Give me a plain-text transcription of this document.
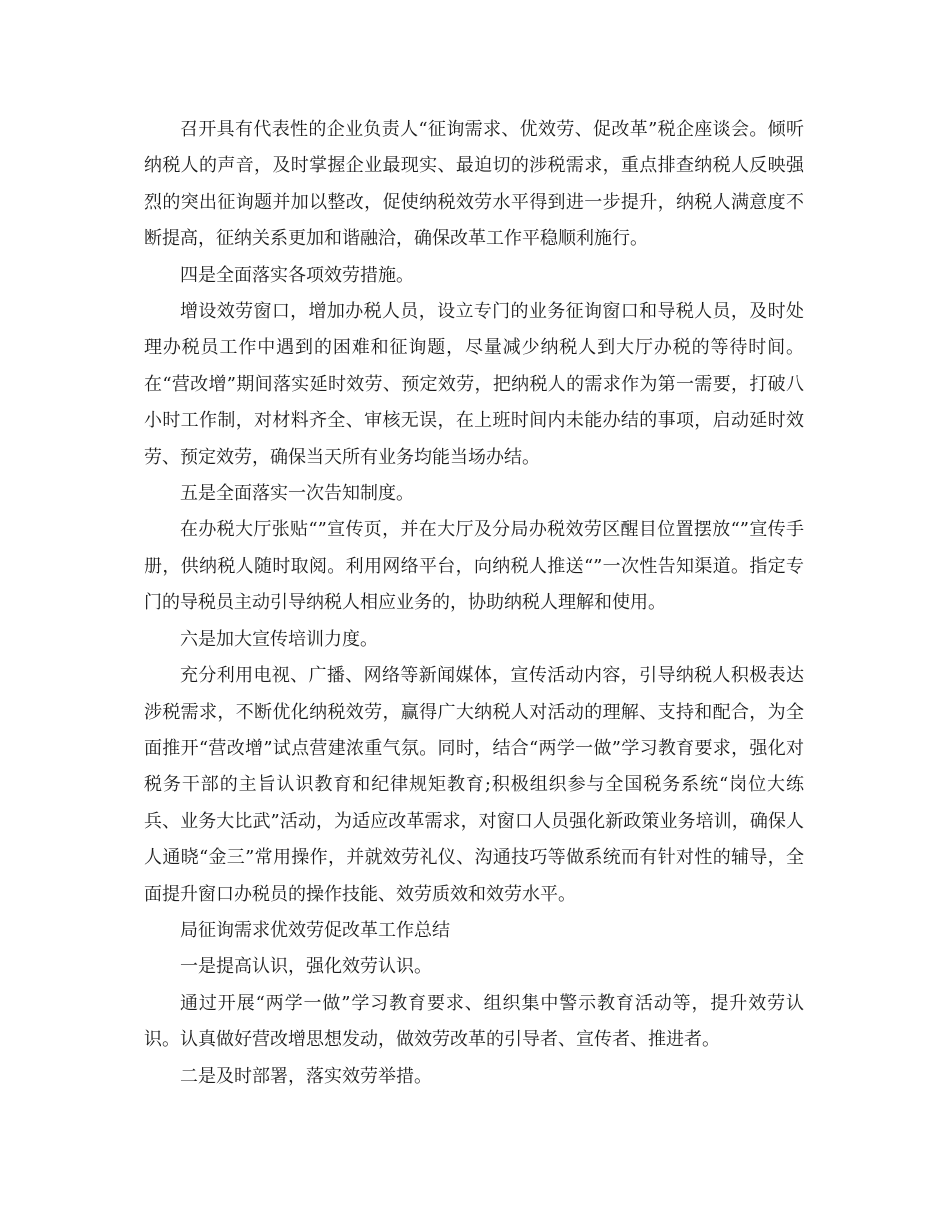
召开具有代表性的企业负责人“征询需求、优效劳、促改革”税企座谈会。倾听纳税人的声音，及时掌握企业最现实、最迫切的涉税需求，重点排查纳税人反映强烈的突出征询题并加以整改，促使纳税效劳水平得到进一步提升，纳税人满意度不断提高，征纳关系更加和谐融洽，确保改革工作平稳顺利施行。

四是全面落实各项效劳措施。

增设效劳窗口，增加办税人员，设立专门的业务征询窗口和导税人员，及时处理办税员工作中遇到的困难和征询题，尽量减少纳税人到大厅办税的等待时间。在“营改增”期间落实延时效劳、预定效劳，把纳税人的需求作为第一需要，打破八小时工作制，对材料齐全、审核无误，在上班时间内未能办结的事项，启动延时效劳、预定效劳，确保当天所有业务均能当场办结。

五是全面落实一次告知制度。

在办税大厅张贴“”宣传页，并在大厅及分局办税效劳区醒目位置摆放“”宣传手册，供纳税人随时取阅。利用网络平台，向纳税人推送“”一次性告知渠道。指定专门的导税员主动引导纳税人相应业务的，协助纳税人理解和使用。

六是加大宣传培训力度。

充分利用电视、广播、网络等新闻媒体，宣传活动内容，引导纳税人积极表达涉税需求，不断优化纳税效劳，赢得广大纳税人对活动的理解、支持和配合，为全面推开“营改增”试点营建浓重气氛。同时，结合“两学一做”学习教育要求，强化对税务干部的主旨认识教育和纪律规矩教育;积极组织参与全国税务系统“岗位大练兵、业务大比武”活动，为适应改革需求，对窗口人员强化新政策业务培训，确保人人通晓“金三”常用操作，并就效劳礼仪、沟通技巧等做系统而有针对性的辅导，全面提升窗口办税员的操作技能、效劳质效和效劳水平。

局征询需求优效劳促改革工作总结

一是提高认识，强化效劳认识。

通过开展“两学一做”学习教育要求、组织集中警示教育活动等，提升效劳认识。认真做好营改增思想发动，做效劳改革的引导者、宣传者、推进者。

二是及时部署，落实效劳举措。
